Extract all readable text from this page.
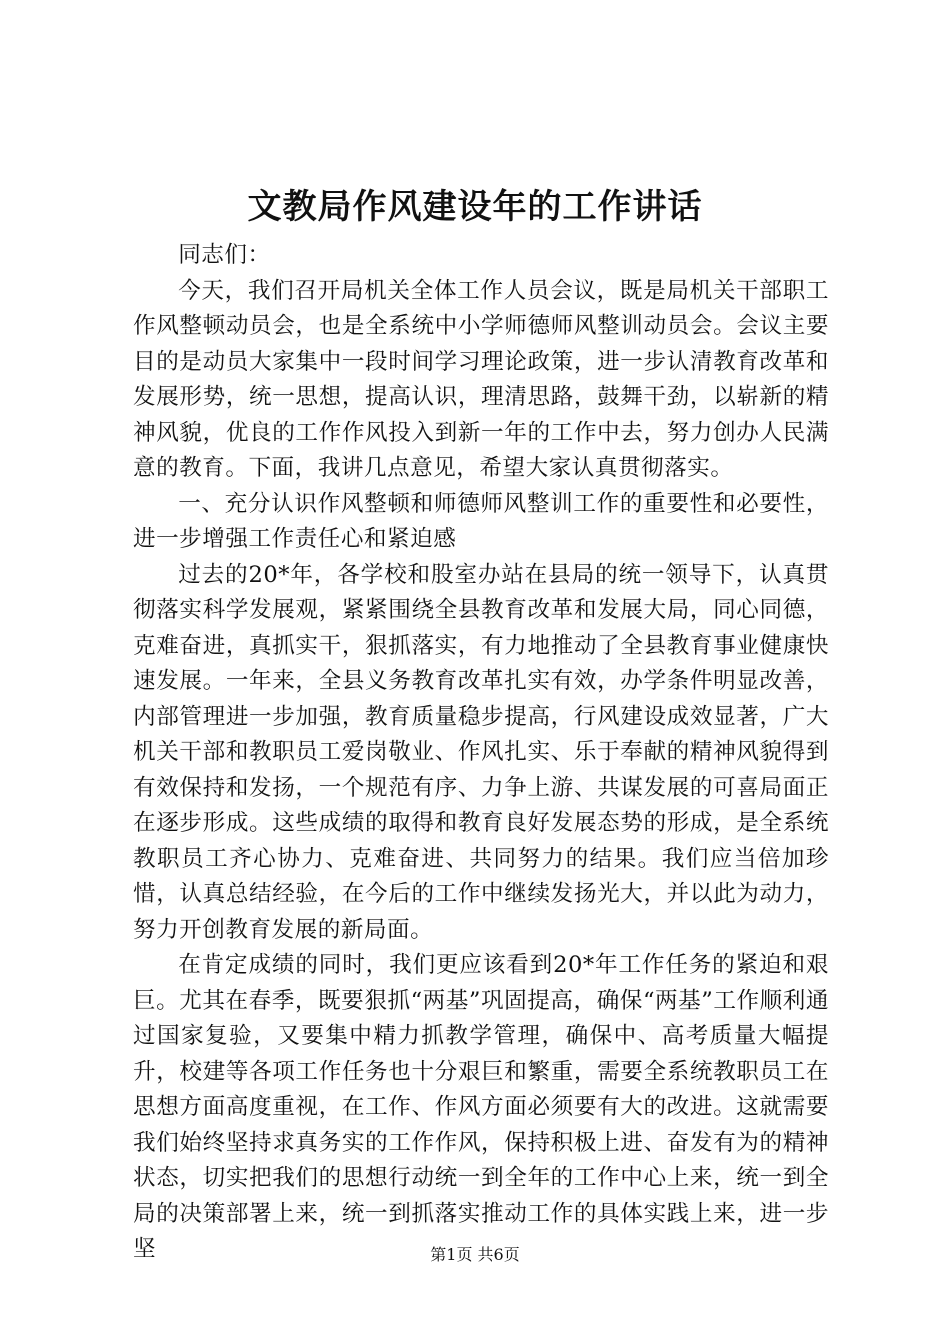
文教局作风建设年的工作讲话

同志们：

今天，我们召开局机关全体工作人员会议，既是局机关干部职工作风整顿动员会，也是全系统中小学师德师风整训动员会。会议主要目的是动员大家集中一段时间学习理论政策，进一步认清教育改革和发展形势，统一思想，提高认识，理清思路，鼓舞干劲，以崭新的精神风貌，优良的工作作风投入到新一年的工作中去，努力创办人民满意的教育。下面，我讲几点意见，希望大家认真贯彻落实。

一、充分认识作风整顿和师德师风整训工作的重要性和必要性，进一步增强工作责任心和紧迫感

过去的20*年，各学校和股室办站在县局的统一领导下，认真贯彻落实科学发展观，紧紧围绕全县教育改革和发展大局，同心同德，克难奋进，真抓实干，狠抓落实，有力地推动了全县教育事业健康快速发展。一年来，全县义务教育改革扎实有效，办学条件明显改善，内部管理进一步加强，教育质量稳步提高，行风建设成效显著，广大机关干部和教职员工爱岗敬业、作风扎实、乐于奉献的精神风貌得到有效保持和发扬，一个规范有序、力争上游、共谋发展的可喜局面正在逐步形成。这些成绩的取得和教育良好发展态势的形成，是全系统教职员工齐心协力、克难奋进、共同努力的结果。我们应当倍加珍惜，认真总结经验，在今后的工作中继续发扬光大，并以此为动力，努力开创教育发展的新局面。

在肯定成绩的同时，我们更应该看到20*年工作任务的紧迫和艰巨。尤其在春季，既要狠抓“两基”巩固提高，确保“两基”工作顺利通过国家复验，又要集中精力抓教学管理，确保中、高考质量大幅提升，校建等各项工作任务也十分艰巨和繁重，需要全系统教职员工在思想方面高度重视，在工作、作风方面必须要有大的改进。这就需要我们始终坚持求真务实的工作作风，保持积极上进、奋发有为的精神状态，切实把我们的思想行动统一到全年的工作中心上来，统一到全局的决策部署上来，统一到抓落实推动工作的具体实践上来，进一步坚	第1页 共6页
